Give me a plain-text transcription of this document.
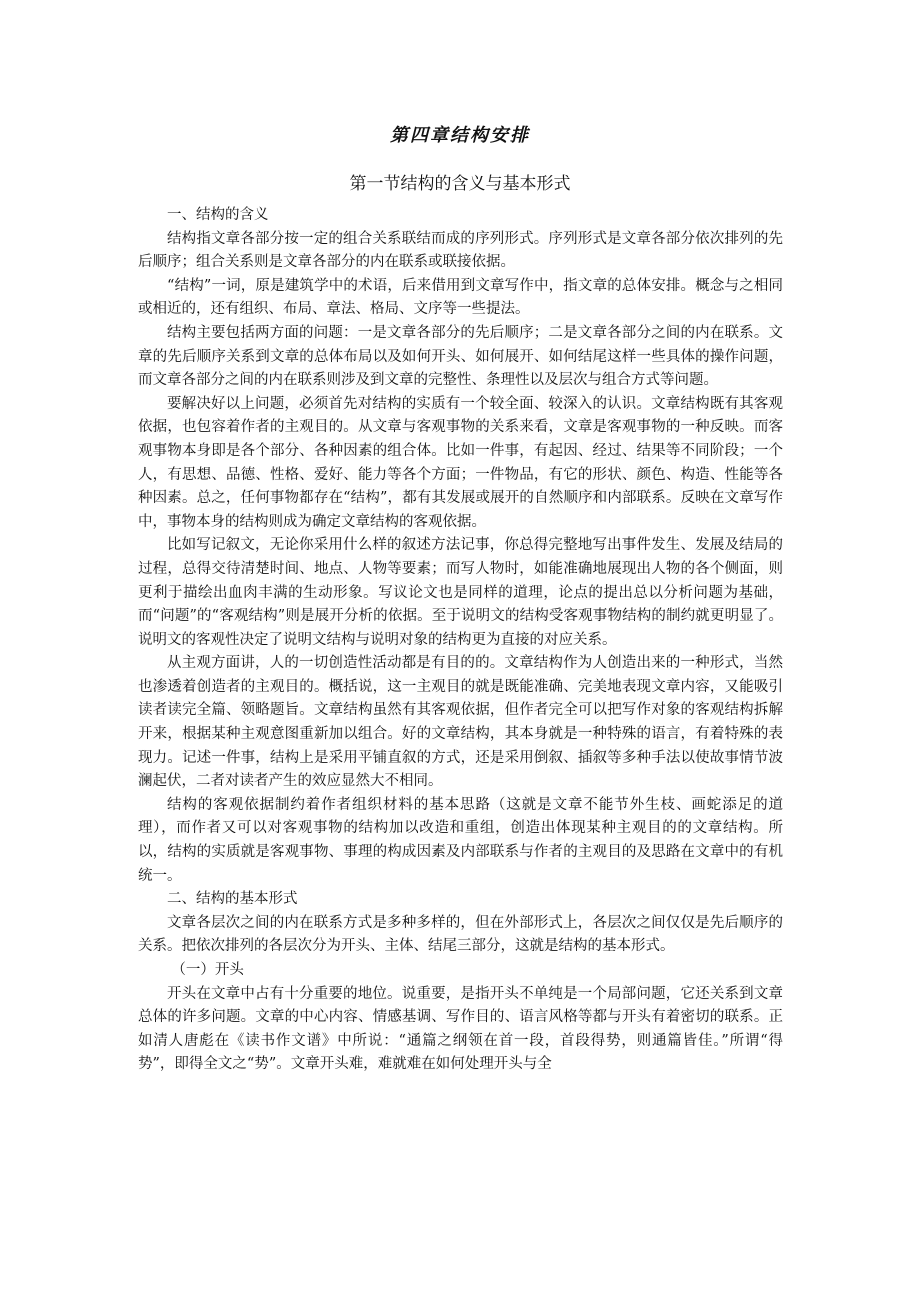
第四章结构安排
第一节结构的含义与基本形式

一、结构的含义

结构指文章各部分按一定的组合关系联结而成的序列形式。序列形式是文章各部分依次排列的先后顺序；组合关系则是文章各部分的内在联系或联接依据。

“结构”一词，原是建筑学中的术语，后来借用到文章写作中，指文章的总体安排。概念与之相同或相近的，还有组织、布局、章法、格局、文序等一些提法。

结构主要包括两方面的问题：一是文章各部分的先后顺序；二是文章各部分之间的内在联系。文章的先后顺序关系到文章的总体布局以及如何开头、如何展开、如何结尾这样一些具体的操作问题，而文章各部分之间的内在联系则涉及到文章的完整性、条理性以及层次与组合方式等问题。

要解决好以上问题，必须首先对结构的实质有一个较全面、较深入的认识。文章结构既有其客观依据，也包容着作者的主观目的。从文章与客观事物的关系来看，文章是客观事物的一种反映。而客观事物本身即是各个部分、各种因素的组合体。比如一件事，有起因、经过、结果等不同阶段；一个人，有思想、品德、性格、爱好、能力等各个方面；一件物品，有它的形状、颜色、构造、性能等各种因素。总之，任何事物都存在“结构”，都有其发展或展开的自然顺序和内部联系。反映在文章写作中，事物本身的结构则成为确定文章结构的客观依据。

比如写记叙文，无论你采用什么样的叙述方法记事，你总得完整地写出事件发生、发展及结局的过程，总得交待清楚时间、地点、人物等要素；而写人物时，如能准确地展现出人物的各个侧面，则更利于描绘出血肉丰满的生动形象。写议论文也是同样的道理，论点的提出总以分析问题为基础，而“问题”的“客观结构”则是展开分析的依据。至于说明文的结构受客观事物结构的制约就更明显了。说明文的客观性决定了说明文结构与说明对象的结构更为直接的对应关系。

从主观方面讲，人的一切创造性活动都是有目的的。文章结构作为人创造出来的一种形式，当然也渗透着创造者的主观目的。概括说，这一主观目的就是既能准确、完美地表现文章内容，又能吸引读者读完全篇、领略题旨。文章结构虽然有其客观依据，但作者完全可以把写作对象的客观结构拆解开来，根据某种主观意图重新加以组合。好的文章结构，其本身就是一种特殊的语言，有着特殊的表现力。记述一件事，结构上是采用平铺直叙的方式，还是采用倒叙、插叙等多种手法以使故事情节波澜起伏，二者对读者产生的效应显然大不相同。

结构的客观依据制约着作者组织材料的基本思路（这就是文章不能节外生枝、画蛇添足的道理），而作者又可以对客观事物的结构加以改造和重组，创造出体现某种主观目的的文章结构。所以，结构的实质就是客观事物、事理的构成因素及内部联系与作者的主观目的及思路在文章中的有机统一。

二、结构的基本形式

文章各层次之间的内在联系方式是多种多样的，但在外部形式上，各层次之间仅仅是先后顺序的关系。把依次排列的各层次分为开头、主体、结尾三部分，这就是结构的基本形式。

（一）开头

开头在文章中占有十分重要的地位。说重要，是指开头不单纯是一个局部问题，它还关系到文章总体的许多问题。文章的中心内容、情感基调、写作目的、语言风格等都与开头有着密切的联系。正如清人唐彪在《读书作文谱》中所说：“通篇之纲领在首一段，首段得势，则通篇皆佳。”所谓“得势”，即得全文之“势”。文章开头难，难就难在如何处理开头与全
